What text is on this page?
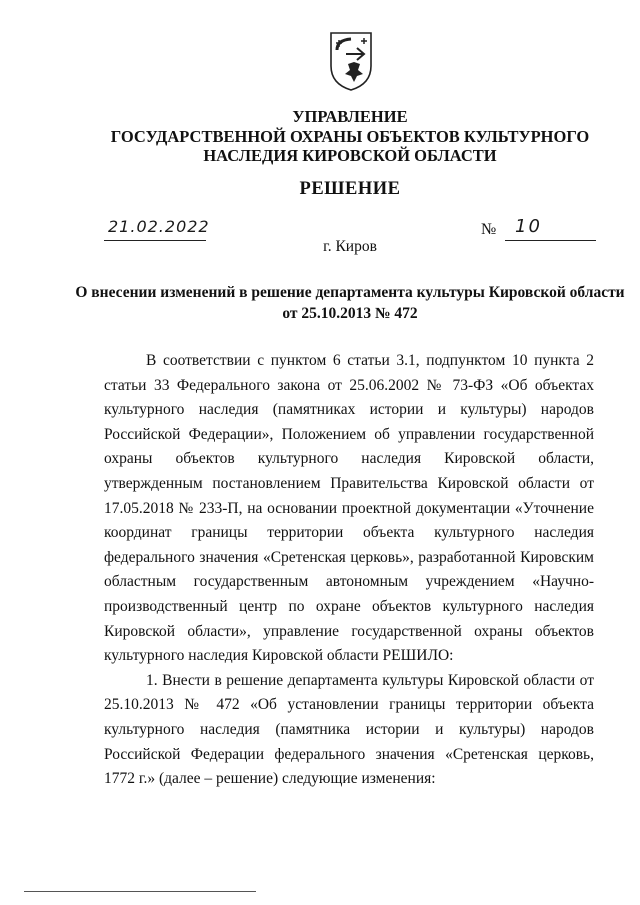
УПРАВЛЕНИЕ
ГОСУДАРСТВЕННОЙ ОХРАНЫ ОБЪЕКТОВ КУЛЬТУРНОГО
НАСЛЕДИЯ КИРОВСКОЙ ОБЛАСТИ
РЕШЕНИЕ
21.02.2022	№ 10
г. Киров
О внесении изменений в решение департамента культуры Кировской области от 25.10.2013 № 472

В соответствии с пунктом 6 статьи 3.1, подпунктом 10 пункта 2 статьи 33 Федерального закона от 25.06.2002 № 73-ФЗ «Об объектах культурного наследия (памятниках истории и культуры) народов Российской Федерации», Положением об управлении государственной охраны объектов культурного наследия Кировской области, утвержденным постановлением Правительства Кировской области от 17.05.2018 № 233-П, на основании проектной документации «Уточнение координат границы территории объекта культурного наследия федерального значения «Сретенская церковь», разработанной Кировским областным государственным автономным учреждением «Научно-производственный центр по охране объектов культурного наследия Кировской области», управление государственной охраны объектов культурного наследия Кировской области РЕШИЛО:

1. Внести в решение департамента культуры Кировской области от 25.10.2013 № 472 «Об установлении границы территории объекта культурного наследия (памятника истории и культуры) народов Российской Федерации федерального значения «Сретенская церковь, 1772 г.» (далее – решение) следующие изменения:
